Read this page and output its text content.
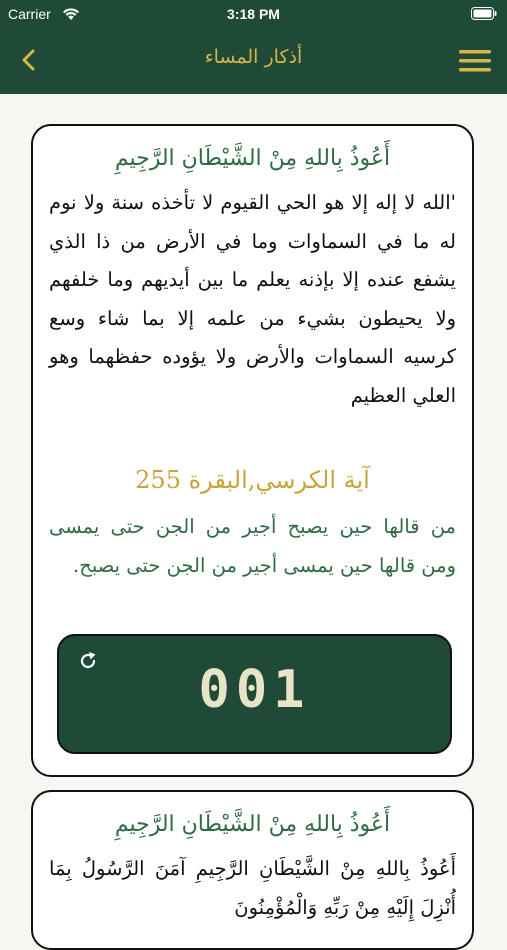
Carrier	3:18 PM
أذكار المساء
أَعُوذُ بِاللهِ مِنْ الشَّيْطَانِ الرَّجِيمِ
'الله لا إله إلا هو الحي القيوم لا تأخذه سنة ولا نوم له ما في السماوات وما في الأرض من ذا الذي يشفع عنده إلا بإذنه يعلم ما بين أيديهم وما خلفهم ولا يحيطون بشيء من علمه إلا بما شاء وسع كرسيه السماوات والأرض ولا يؤوده حفظهما وهو العلي العظيم
آية الكرسي,البقرة 255
من قالها حين يصبح أجير من الجن حتى يمسى ومن قالها حين يمسى أجير من الجن حتى يصبح.
001
أَعُوذُ بِاللهِ مِنْ الشَّيْطَانِ الرَّجِيمِ
أَعُوذُ بِاللهِ مِنْ الشَّيْطَانِ الرَّجِيمِ آمَنَ الرَّسُولُ بِمَا أُنْزِلَ إِلَيْهِ مِنْ رَبِّهِ وَالْمُؤْمِنُونَ
